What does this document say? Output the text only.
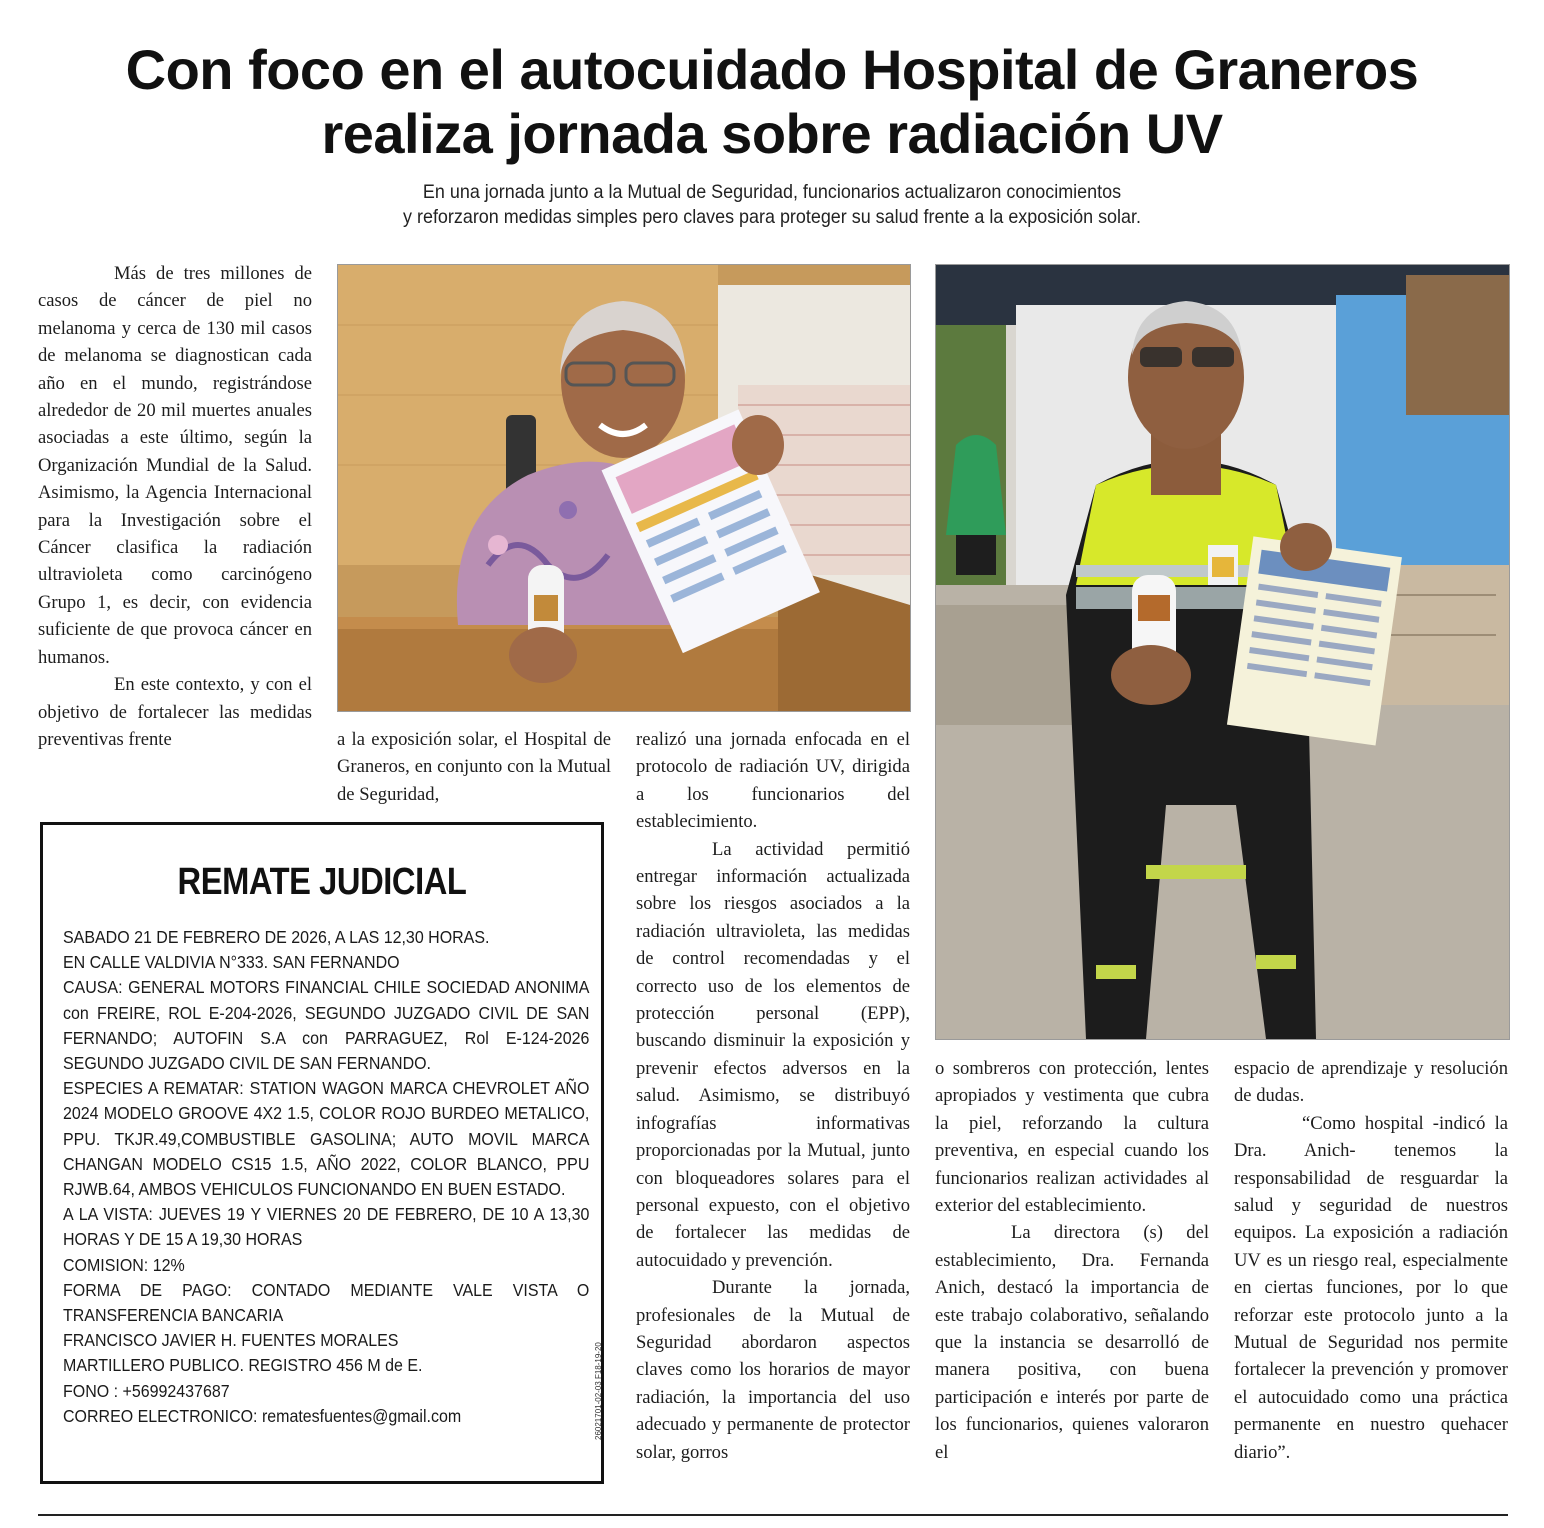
Con foco en el autocuidado Hospital de Graneros
realiza jornada sobre radiación UV
En una jornada junto a la Mutual de Seguridad, funcionarios actualizaron conocimientos
y reforzaron medidas simples pero claves para proteger su salud frente a la exposición solar.

Más de tres millones de casos de cáncer de piel no melanoma y cerca de 130 mil casos de melanoma se diagnostican cada año en el mundo, registrándose alrededor de 20 mil muertes anuales asociadas a este último, según la Organización Mundial de la Salud. Asimismo, la Agencia Internacional para la Investigación sobre el Cáncer clasifica la radiación ultravioleta como carcinógeno Grupo 1, es decir, con evidencia suficiente de que provoca cáncer en humanos.

En este contexto, y con el objetivo de fortalecer las medidas preventivas frente	a la exposición solar, el Hospital de Graneros, en conjunto con la Mutual de Seguridad,

realizó una jornada enfocada en el protocolo de radiación UV, dirigida a los funcionarios del establecimiento.

La actividad permitió entregar información actualizada sobre los riesgos asociados a la radiación ultravioleta, las medidas de control recomendadas y el correcto uso de los elementos de protección personal (EPP), buscando disminuir la exposición y prevenir efectos adversos en la salud. Asimismo, se distribuyó infografías informativas proporcionadas por la Mutual, junto con bloqueadores solares para el personal expuesto, con el objetivo de fortalecer las medidas de autocuidado y prevención.

Durante la jornada, profesionales de la Mutual de Seguridad abordaron aspectos claves como los horarios de mayor radiación, la importancia del uso adecuado y permanente de protector solar, gorros

o sombreros con protección, lentes apropiados y vestimenta que cubra la piel, reforzando la cultura preventiva, en especial cuando los funcionarios realizan actividades al exterior del establecimiento.

La directora (s) del establecimiento, Dra. Fernanda Anich, destacó la importancia de este trabajo colaborativo, señalando que la instancia se desarrolló de manera positiva, con buena participación e interés por parte de los funcionarios, quienes valoraron el

espacio de aprendizaje y resolución de dudas.

“Como hospital -indicó la Dra. Anich- tenemos la responsabilidad de resguardar la salud y seguridad de nuestros equipos. La exposición a radiación UV es un riesgo real, especialmente en ciertas funciones, por lo que reforzar este protocolo junto a la Mutual de Seguridad nos permite fortalecer la prevención y promover el autocuidado como una práctica permanente en nuestro quehacer diario”.

REMATE JUDICIAL
SABADO 21 DE FEBRERO DE 2026, A LAS 12,30 HORAS.
EN CALLE VALDIVIA N°333. SAN FERNANDO
CAUSA: GENERAL MOTORS FINANCIAL CHILE SOCIEDAD ANONIMA con FREIRE, ROL E-204-2026, SEGUNDO JUZGADO CIVIL DE SAN FERNANDO; AUTOFIN S.A con PARRAGUEZ, Rol E-124-2026 SEGUNDO JUZGADO CIVIL DE SAN FERNANDO.
ESPECIES A REMATAR: STATION WAGON MARCA CHEVROLET AÑO 2024 MODELO GROOVE 4X2 1.5, COLOR ROJO BURDEO METALICO, PPU. TKJR.49,COMBUSTIBLE GASOLINA; AUTO MOVIL MARCA CHANGAN MODELO CS15 1.5, AÑO 2022, COLOR BLANCO, PPU RJWB.64, AMBOS VEHICULOS FUNCIONANDO EN BUEN ESTADO.
A LA VISTA: JUEVES 19 Y VIERNES 20 DE FEBRERO, DE 10 A 13,30 HORAS Y DE 15 A 19,30 HORAS
COMISION: 12%
FORMA DE PAGO: CONTADO MEDIANTE VALE VISTA O TRANSFERENCIA BANCARIA
FRANCISCO JAVIER H. FUENTES MORALES
MARTILLERO PUBLICO. REGISTRO 456 M de E.
FONO : +56992437687
CORREO ELECTRONICO: rematesfuentes@gmail.com	26021701-02-03 F18-19-20
